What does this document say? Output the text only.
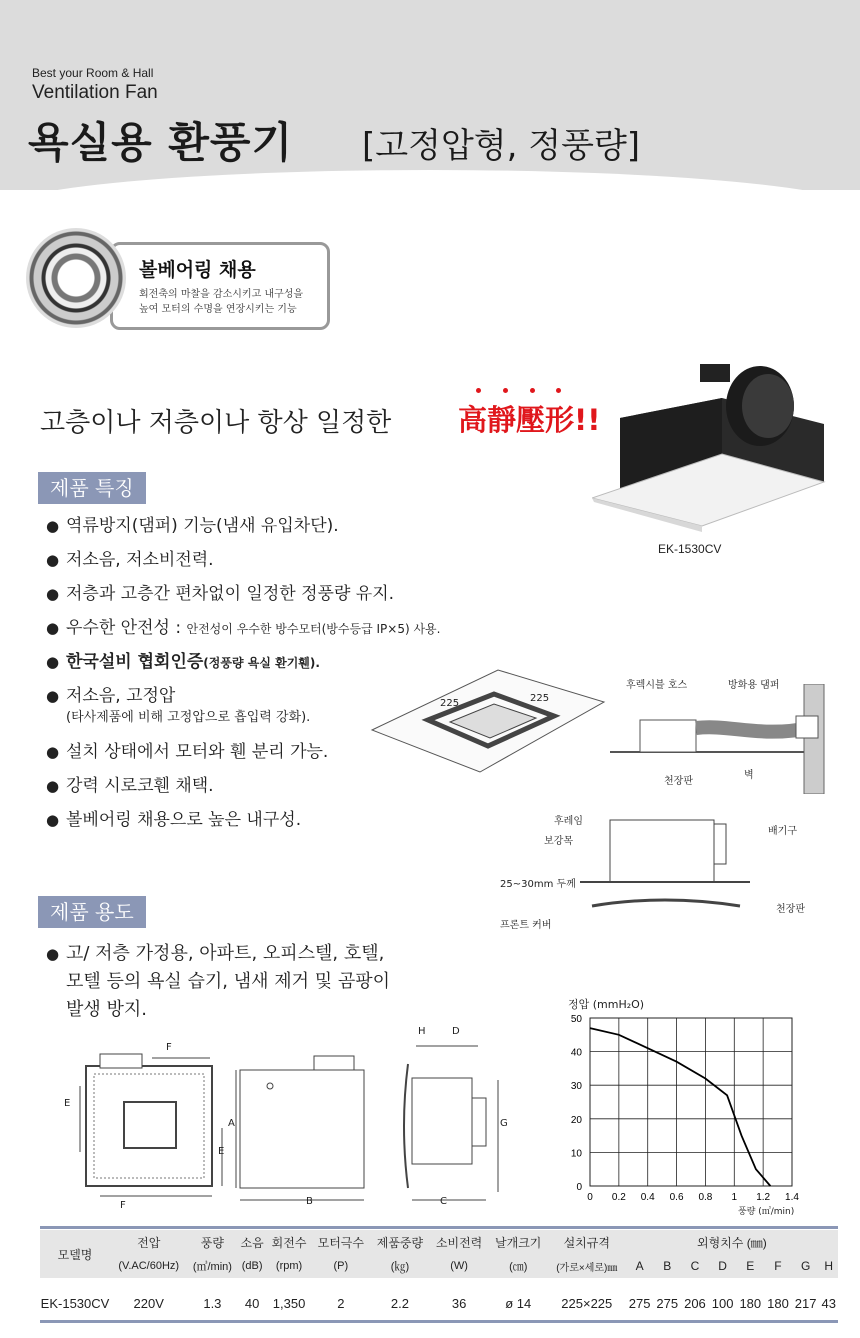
Best your Room & Hall
Ventilation Fan
욕실용 환풍기 [고정압형, 정풍량]
볼베어링 채용
회전축의 마찰을 감소시키고 내구성을
높여 모터의 수명을 연장시키는 기능
고층이나 저층이나 항상 일정한 高靜壓形!!
EK-1530CV
제품 특징
● 역류방지(댐퍼) 기능(냄새 유입차단).
● 저소음, 저소비전력.
● 저층과 고층간 편차없이 일정한 정풍량 유지.
● 우수한 안전성 : 안전성이 우수한 방수모터(방수등급 IP×5) 사용.
● 한국설비 협회인증(정풍량 욕실 환기휀).
● 저소음, 고정압
(타사제품에 비해 고정압으로 흡입력 강화).
● 설치 상태에서 모터와 휀 분리 가능.
● 강력 시로코휀 채택.
● 볼베어링 채용으로 높은 내구성.
225	225
후렉시블 호스	방화용 댐퍼
천장판
벽
후레임
보강목
25~30mm 두께
프론트 커버
배기구
천장판
제품 용도
● 고/ 저층 가정용, 아파트, 오피스텔, 호텔,
모텔 등의 욕실 습기, 냄새 제거 및 곰팡이
발생 방지.
F
E
E
F
A
B	C
H	D
G
정압 (mmH₂O)
0 0.2 0.4 0.6 0.8 1 1.2 1.4
0
10
20
30
40
50
풍량 (㎥/min)
모델명	전압	풍량	소음	회전수	모터극수	제품중량	소비전력	날개크기	설치규격	외형치수 (㎜)							
	(V.AC/60Hz)	(㎥/min)	(dB)	(rpm)	(P)	(㎏)	(W)	(㎝)	(가로×세로)㎜	A	B	C	D	E	F	G	H
EK-1530CV	220V	1.3	40	1,350	2	2.2	36	ø 14	225×225	275	275	206	100	180	180	217	43
